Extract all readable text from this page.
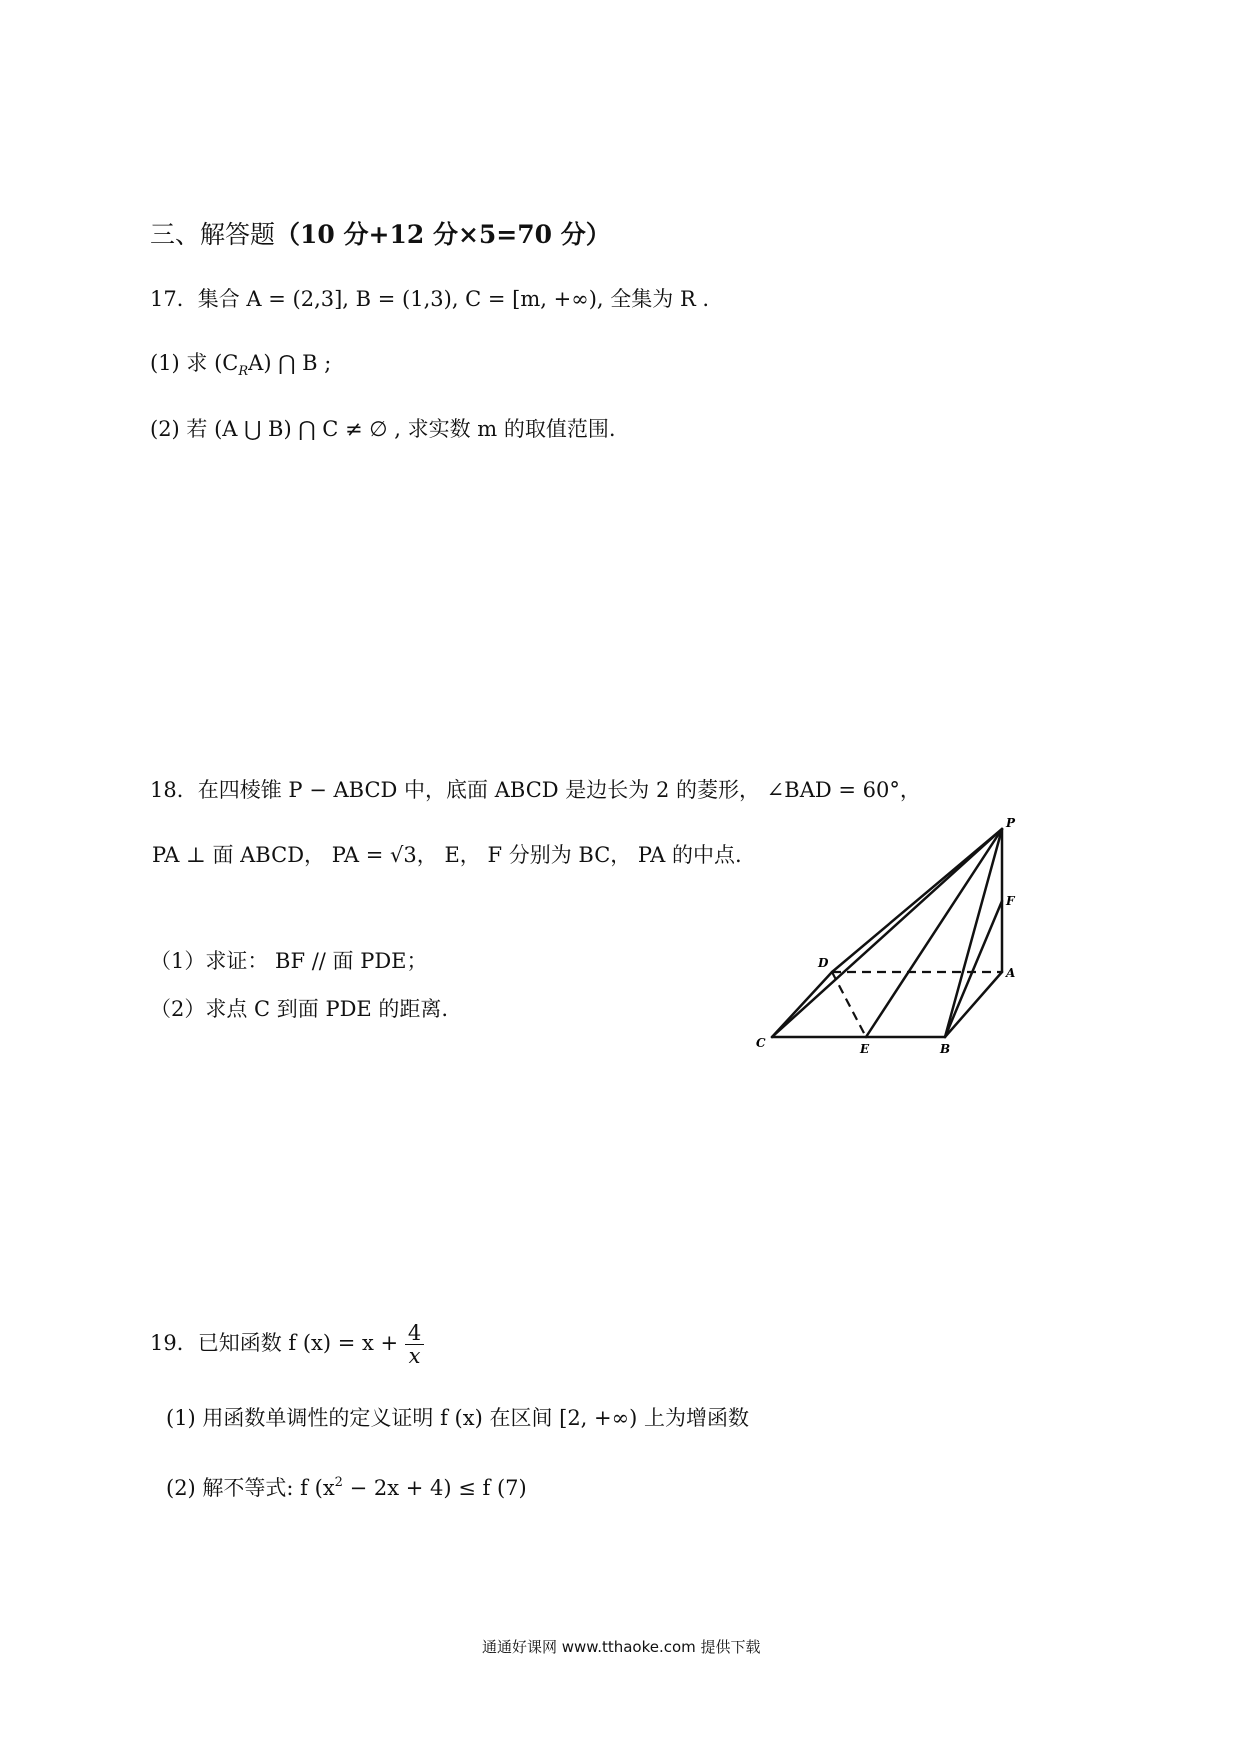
三、解答题（10 分+12 分×5=70 分）
17．集合 A = (2,3], B = (1,3), C = [m, +∞), 全集为 R .
(1) 求 $(C_RA)$ ⋂ B ;
(2) 若 (A ⋃ B) ⋂ C ≠ ∅ , 求实数 m 的取值范围.
18．在四棱锥 P − ABCD 中，底面 ABCD 是边长为 2 的菱形， ∠BAD = 60°，
PA ⊥ 面 ABCD， PA = √3， E， F 分别为 BC， PA 的中点.
（1）求证： BF // 面 PDE；
（2）求点 C 到面 PDE 的距离.
P
F
D
A
C	E	B
19．已知函数 f $(x) = x + \frac{4}{x}$
(1) 用函数单调性的定义证明 f (x) 在区间 [2, +∞) 上为增函数
(2) 解不等式: f $(x^2 - 2x + 4) \le f$ (7)
通通好课网 www.tthaoke.com 提供下载
